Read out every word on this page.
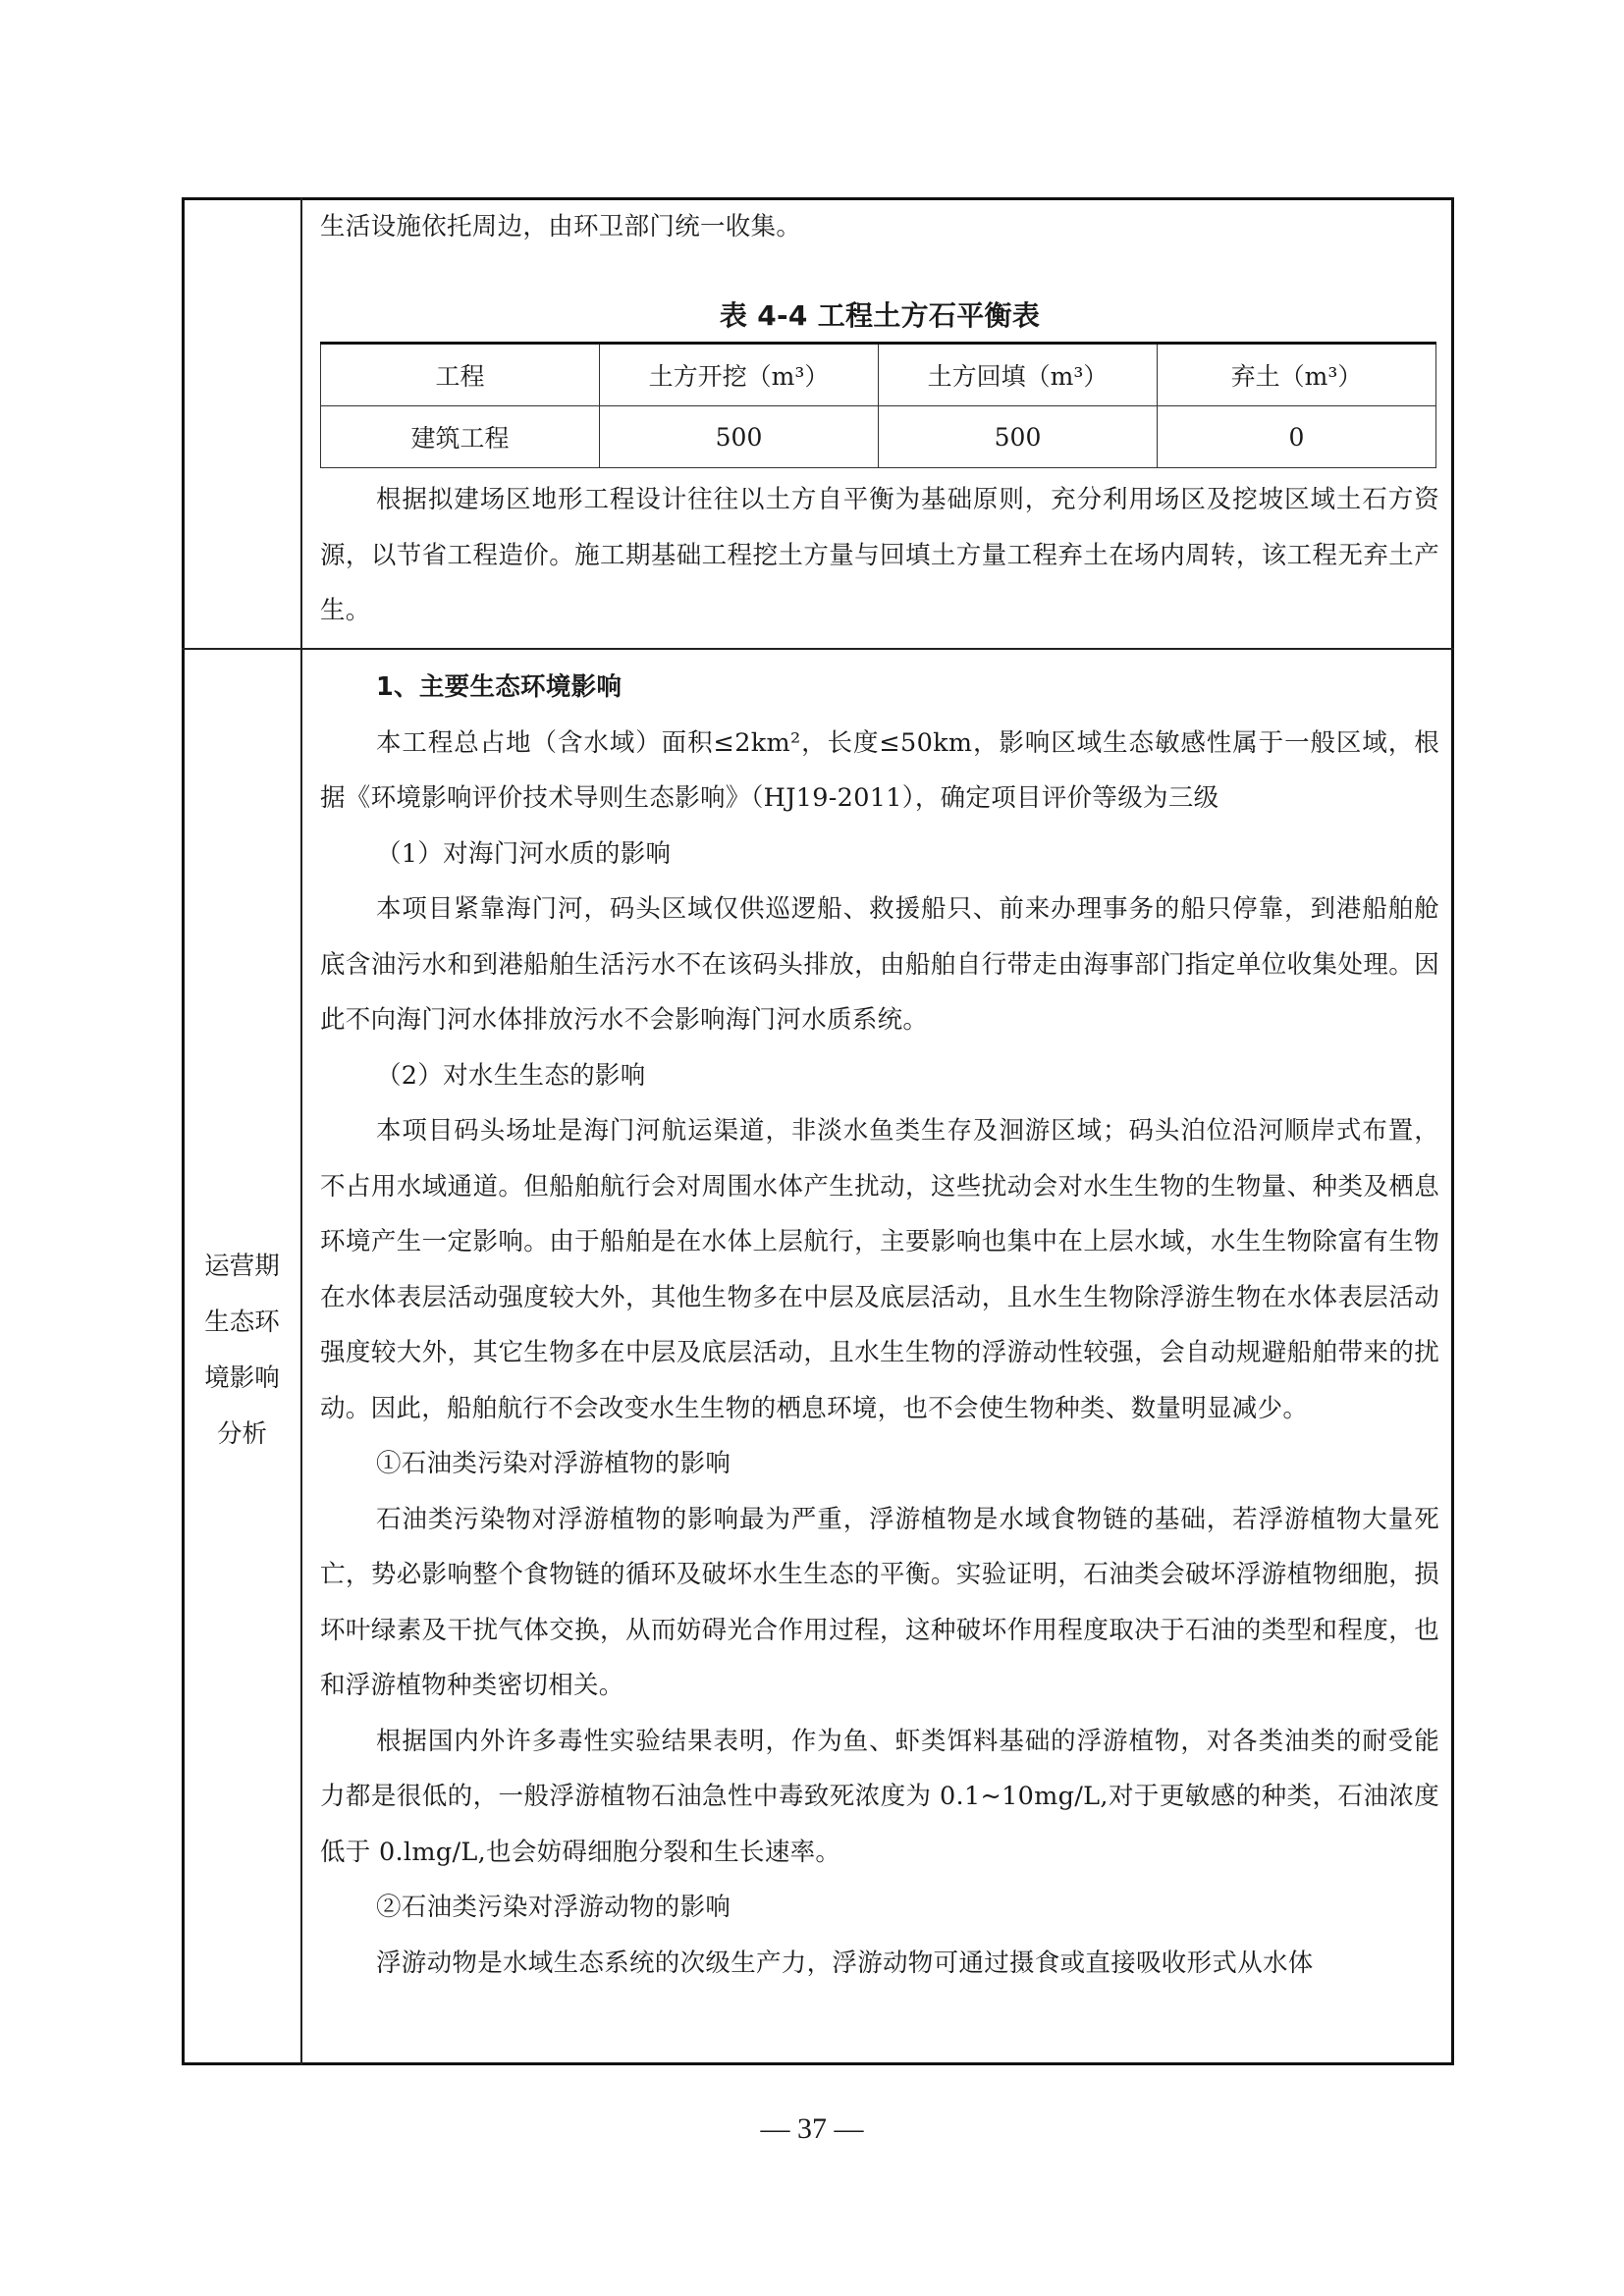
生活设施依托周边，由环卫部门统一收集。

表 4-4 工程土方石平衡表

工程	土方开挖（m³）	土方回填（m³）	弃土（m³）
建筑工程	500	500	0

根据拟建场区地形工程设计往往以土方自平衡为基础原则，充分利用场区及挖坡区域土石方资源，以节省工程造价。施工期基础工程挖土方量与回填土方量工程弃土在场内周转，该工程无弃土产生。

运营期
生态环
境影响
分析

1、主要生态环境影响

本工程总占地（含水域）面积≤2km²，长度≤50km，影响区域生态敏感性属于一般区域，根据《环境影响评价技术导则生态影响》（HJ19-2011），确定项目评价等级为三级

（1）对海门河水质的影响

本项目紧靠海门河，码头区域仅供巡逻船、救援船只、前来办理事务的船只停靠，到港船舶舱底含油污水和到港船舶生活污水不在该码头排放，由船舶自行带走由海事部门指定单位收集处理。因此不向海门河水体排放污水不会影响海门河水质系统。

（2）对水生生态的影响

本项目码头场址是海门河航运渠道，非淡水鱼类生存及洄游区域；码头泊位沿河顺岸式布置，不占用水域通道。但船舶航行会对周围水体产生扰动，这些扰动会对水生生物的生物量、种类及栖息环境产生一定影响。由于船舶是在水体上层航行，主要影响也集中在上层水域，水生生物除富有生物在水体表层活动强度较大外，其他生物多在中层及底层活动，且水生生物除浮游生物在水体表层活动强度较大外，其它生物多在中层及底层活动，且水生生物的浮游动性较强，会自动规避船舶带来的扰动。因此，船舶航行不会改变水生生物的栖息环境，也不会使生物种类、数量明显减少。

①石油类污染对浮游植物的影响

石油类污染物对浮游植物的影响最为严重，浮游植物是水域食物链的基础，若浮游植物大量死亡，势必影响整个食物链的循环及破坏水生生态的平衡。实验证明，石油类会破坏浮游植物细胞，损坏叶绿素及干扰气体交换，从而妨碍光合作用过程，这种破坏作用程度取决于石油的类型和程度，也和浮游植物种类密切相关。

根据国内外许多毒性实验结果表明，作为鱼、虾类饵料基础的浮游植物，对各类油类的耐受能力都是很低的，一般浮游植物石油急性中毒致死浓度为 0.1~10mg/L,对于更敏感的种类，石油浓度低于 0.lmg/L,也会妨碍细胞分裂和生长速率。

②石油类污染对浮游动物的影响

浮游动物是水域生态系统的次级生产力，浮游动物可通过摄食或直接吸收形式从水体

— 37 —
